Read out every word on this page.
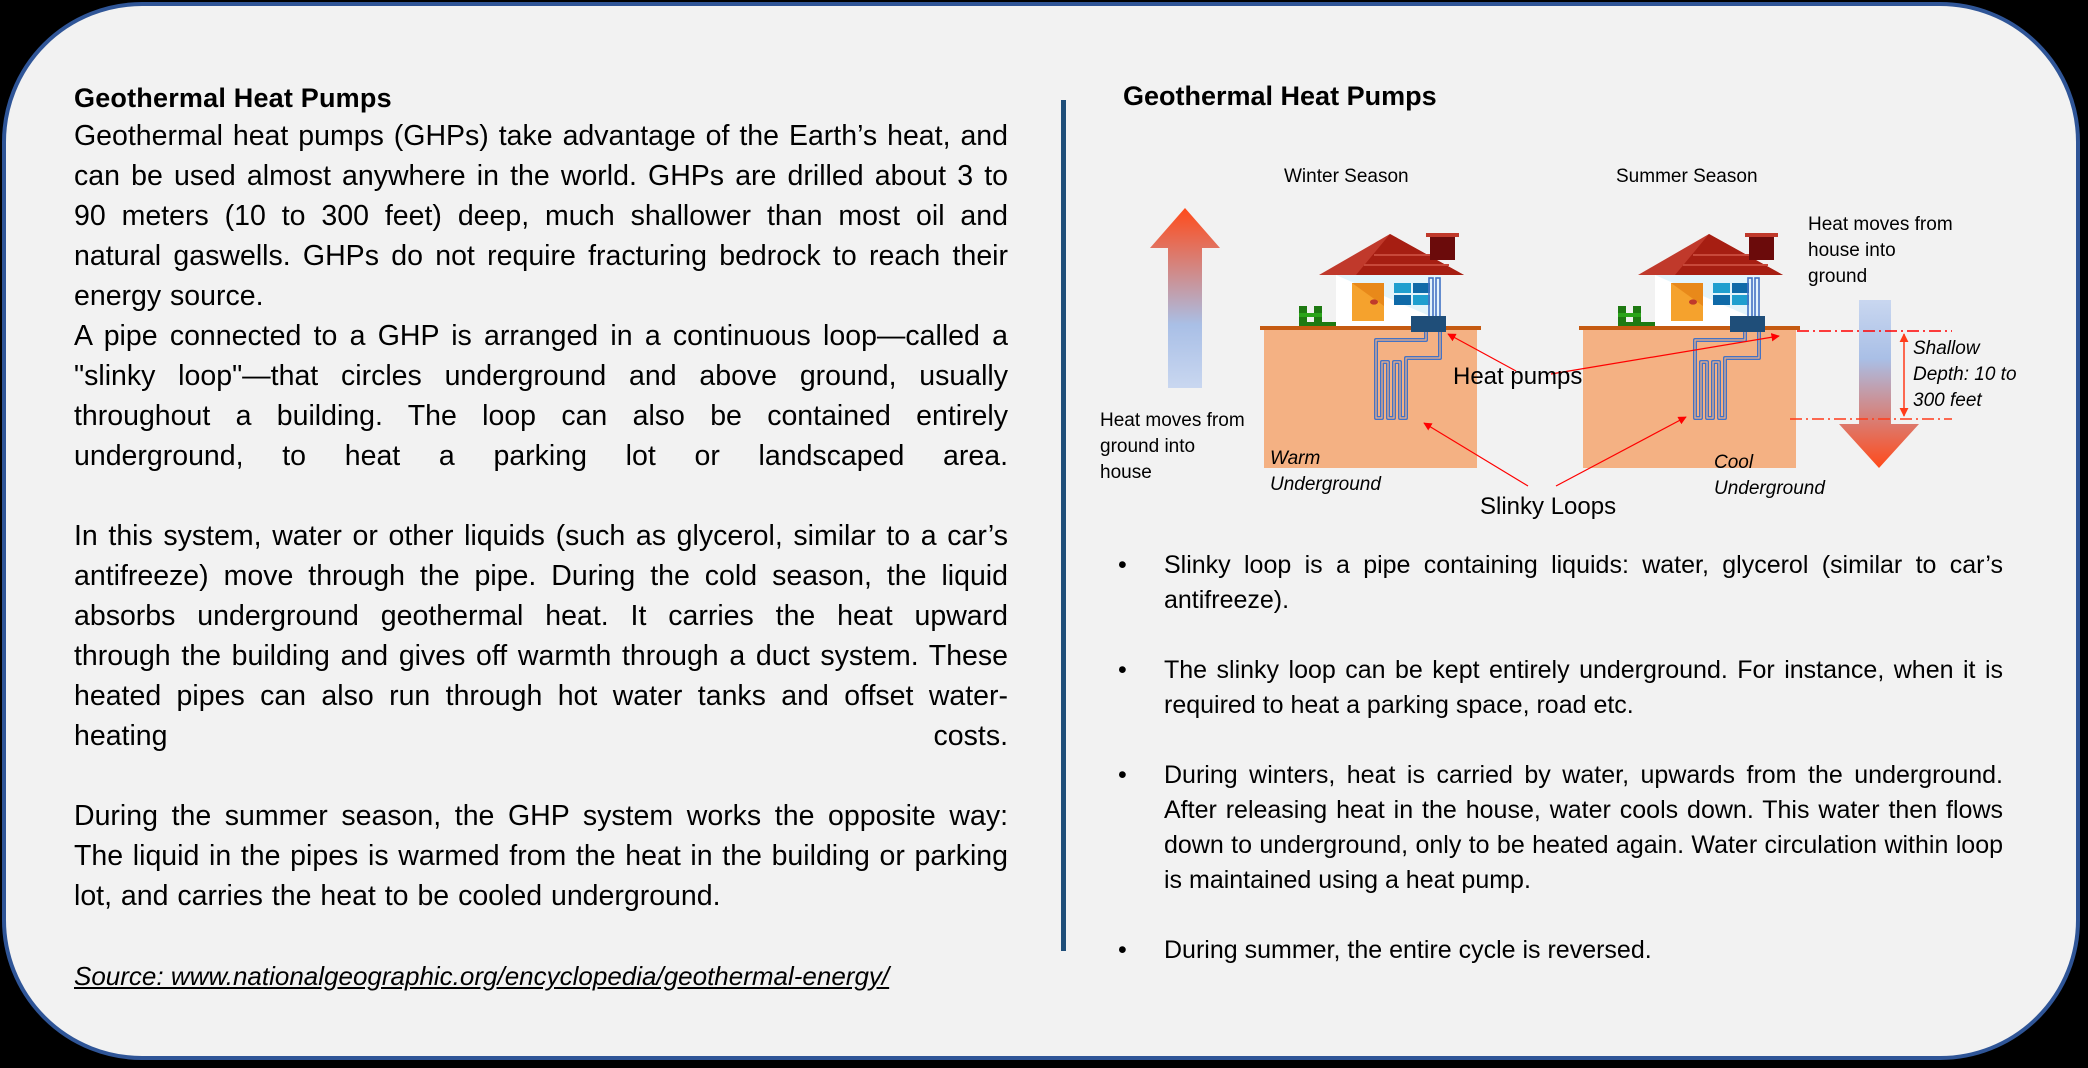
Geothermal Heat Pumps

Geothermal heat pumps (GHPs) take advantage of the Earth’s heat, and can be used almost anywhere in the world. GHPs are drilled about 3 to 90 meters (10 to 300 feet) deep, much shallower than most oil and natural gaswells. GHPs do not require fracturing bedrock to reach their energy source.

A pipe connected to a GHP is arranged in a continuous loop—called a "slinky loop"—that circles underground and above ground, usually throughout a building. The loop can also be contained entirely underground, to heat a parking lot or landscaped area.

In this system, water or other liquids (such as glycerol, similar to a car’s antifreeze) move through the pipe. During the cold season, the liquid absorbs underground geothermal heat. It carries the heat upward through the building and gives off warmth through a duct system. These heated pipes can also run through hot water tanks and offset water-heating costs.

During the summer season, the GHP system works the opposite way: The liquid in the pipes is warmed from the heat in the building or parking lot, and carries the heat to be cooled underground.

Source: www.nationalgeographic.org/encyclopedia/geothermal-energy/
Geothermal Heat Pumps
Winter Season	Summer Season
Heat moves from
ground into
house
Heat moves from
house into
ground
Warm
Underground
Cool
Underground
Heat pumps
Slinky Loops
Shallow
Depth: 10 to
300 feet
• Slinky loop is a pipe containing liquids: water, glycerol (similar to car’s antifreeze).
• The slinky loop can be kept entirely underground. For instance, when it is required to heat a parking space, road etc.
• During winters, heat is carried by water, upwards from the underground. After releasing heat in the house, water cools down. This water then flows down to underground, only to be heated again. Water circulation within loop is maintained using a heat pump.
• During summer, the entire cycle is reversed.
